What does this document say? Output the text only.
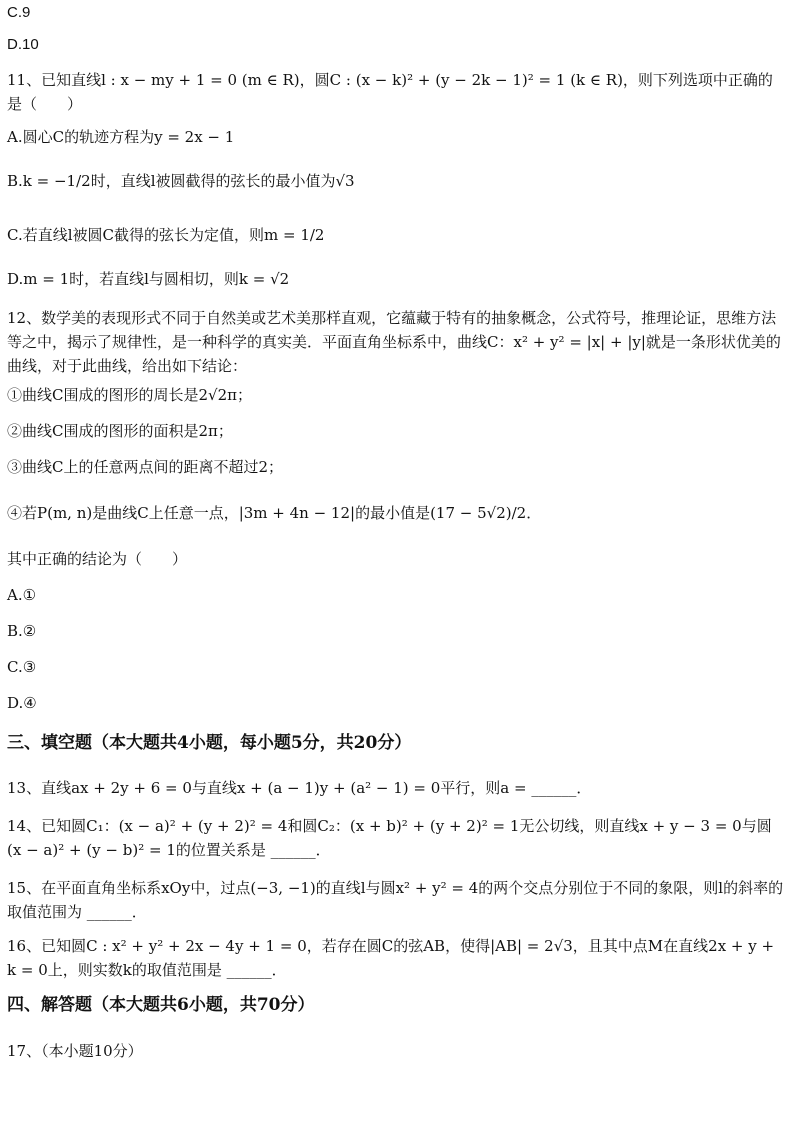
C.9
D.10
11、已知直线l : x − my + 1 = 0 (m ∈ R)，圆C : (x − k)² + (y − 2k − 1)² = 1 (k ∈ R)，则下列选项中正确的是（　　）
A.圆心C的轨迹方程为y = 2x − 1
B.k = −1/2时，直线l被圆截得的弦长的最小值为√3
C.若直线l被圆C截得的弦长为定值，则m = 1/2
D.m = 1时，若直线l与圆相切，则k = √2
12、数学美的表现形式不同于自然美或艺术美那样直观，它蕴藏于特有的抽象概念，公式符号，推理论证，思维方法等之中，揭示了规律性，是一种科学的真实美．平面直角坐标系中，曲线C：x² + y² = |x| + |y|就是一条形状优美的曲线，对于此曲线，给出如下结论：
①曲线C围成的图形的周长是2√2π；
②曲线C围成的图形的面积是2π；
③曲线C上的任意两点间的距离不超过2；
④若P(m, n)是曲线C上任意一点，|3m + 4n − 12|的最小值是(17 − 5√2)/2．
其中正确的结论为（　　）
A.①
B.②
C.③
D.④
三、填空题（本大题共4小题，每小题5分，共20分）
13、直线ax + 2y + 6 = 0与直线x + (a − 1)y + (a² − 1) = 0平行，则a = ______．
14、已知圆C₁：(x − a)² + (y + 2)² = 4和圆C₂：(x + b)² + (y + 2)² = 1无公切线，则直线x + y − 3 = 0与圆(x − a)² + (y − b)² = 1的位置关系是 ______．
15、在平面直角坐标系xOy中，过点(−3, −1)的直线l与圆x² + y² = 4的两个交点分别位于不同的象限，则l的斜率的取值范围为 ______．
16、已知圆C : x² + y² + 2x − 4y + 1 = 0，若存在圆C的弦AB，使得|AB| = 2√3，且其中点M在直线2x + y + k = 0上，则实数k的取值范围是 ______．
四、解答题（本大题共6小题，共70分）
17、（本小题10分）
